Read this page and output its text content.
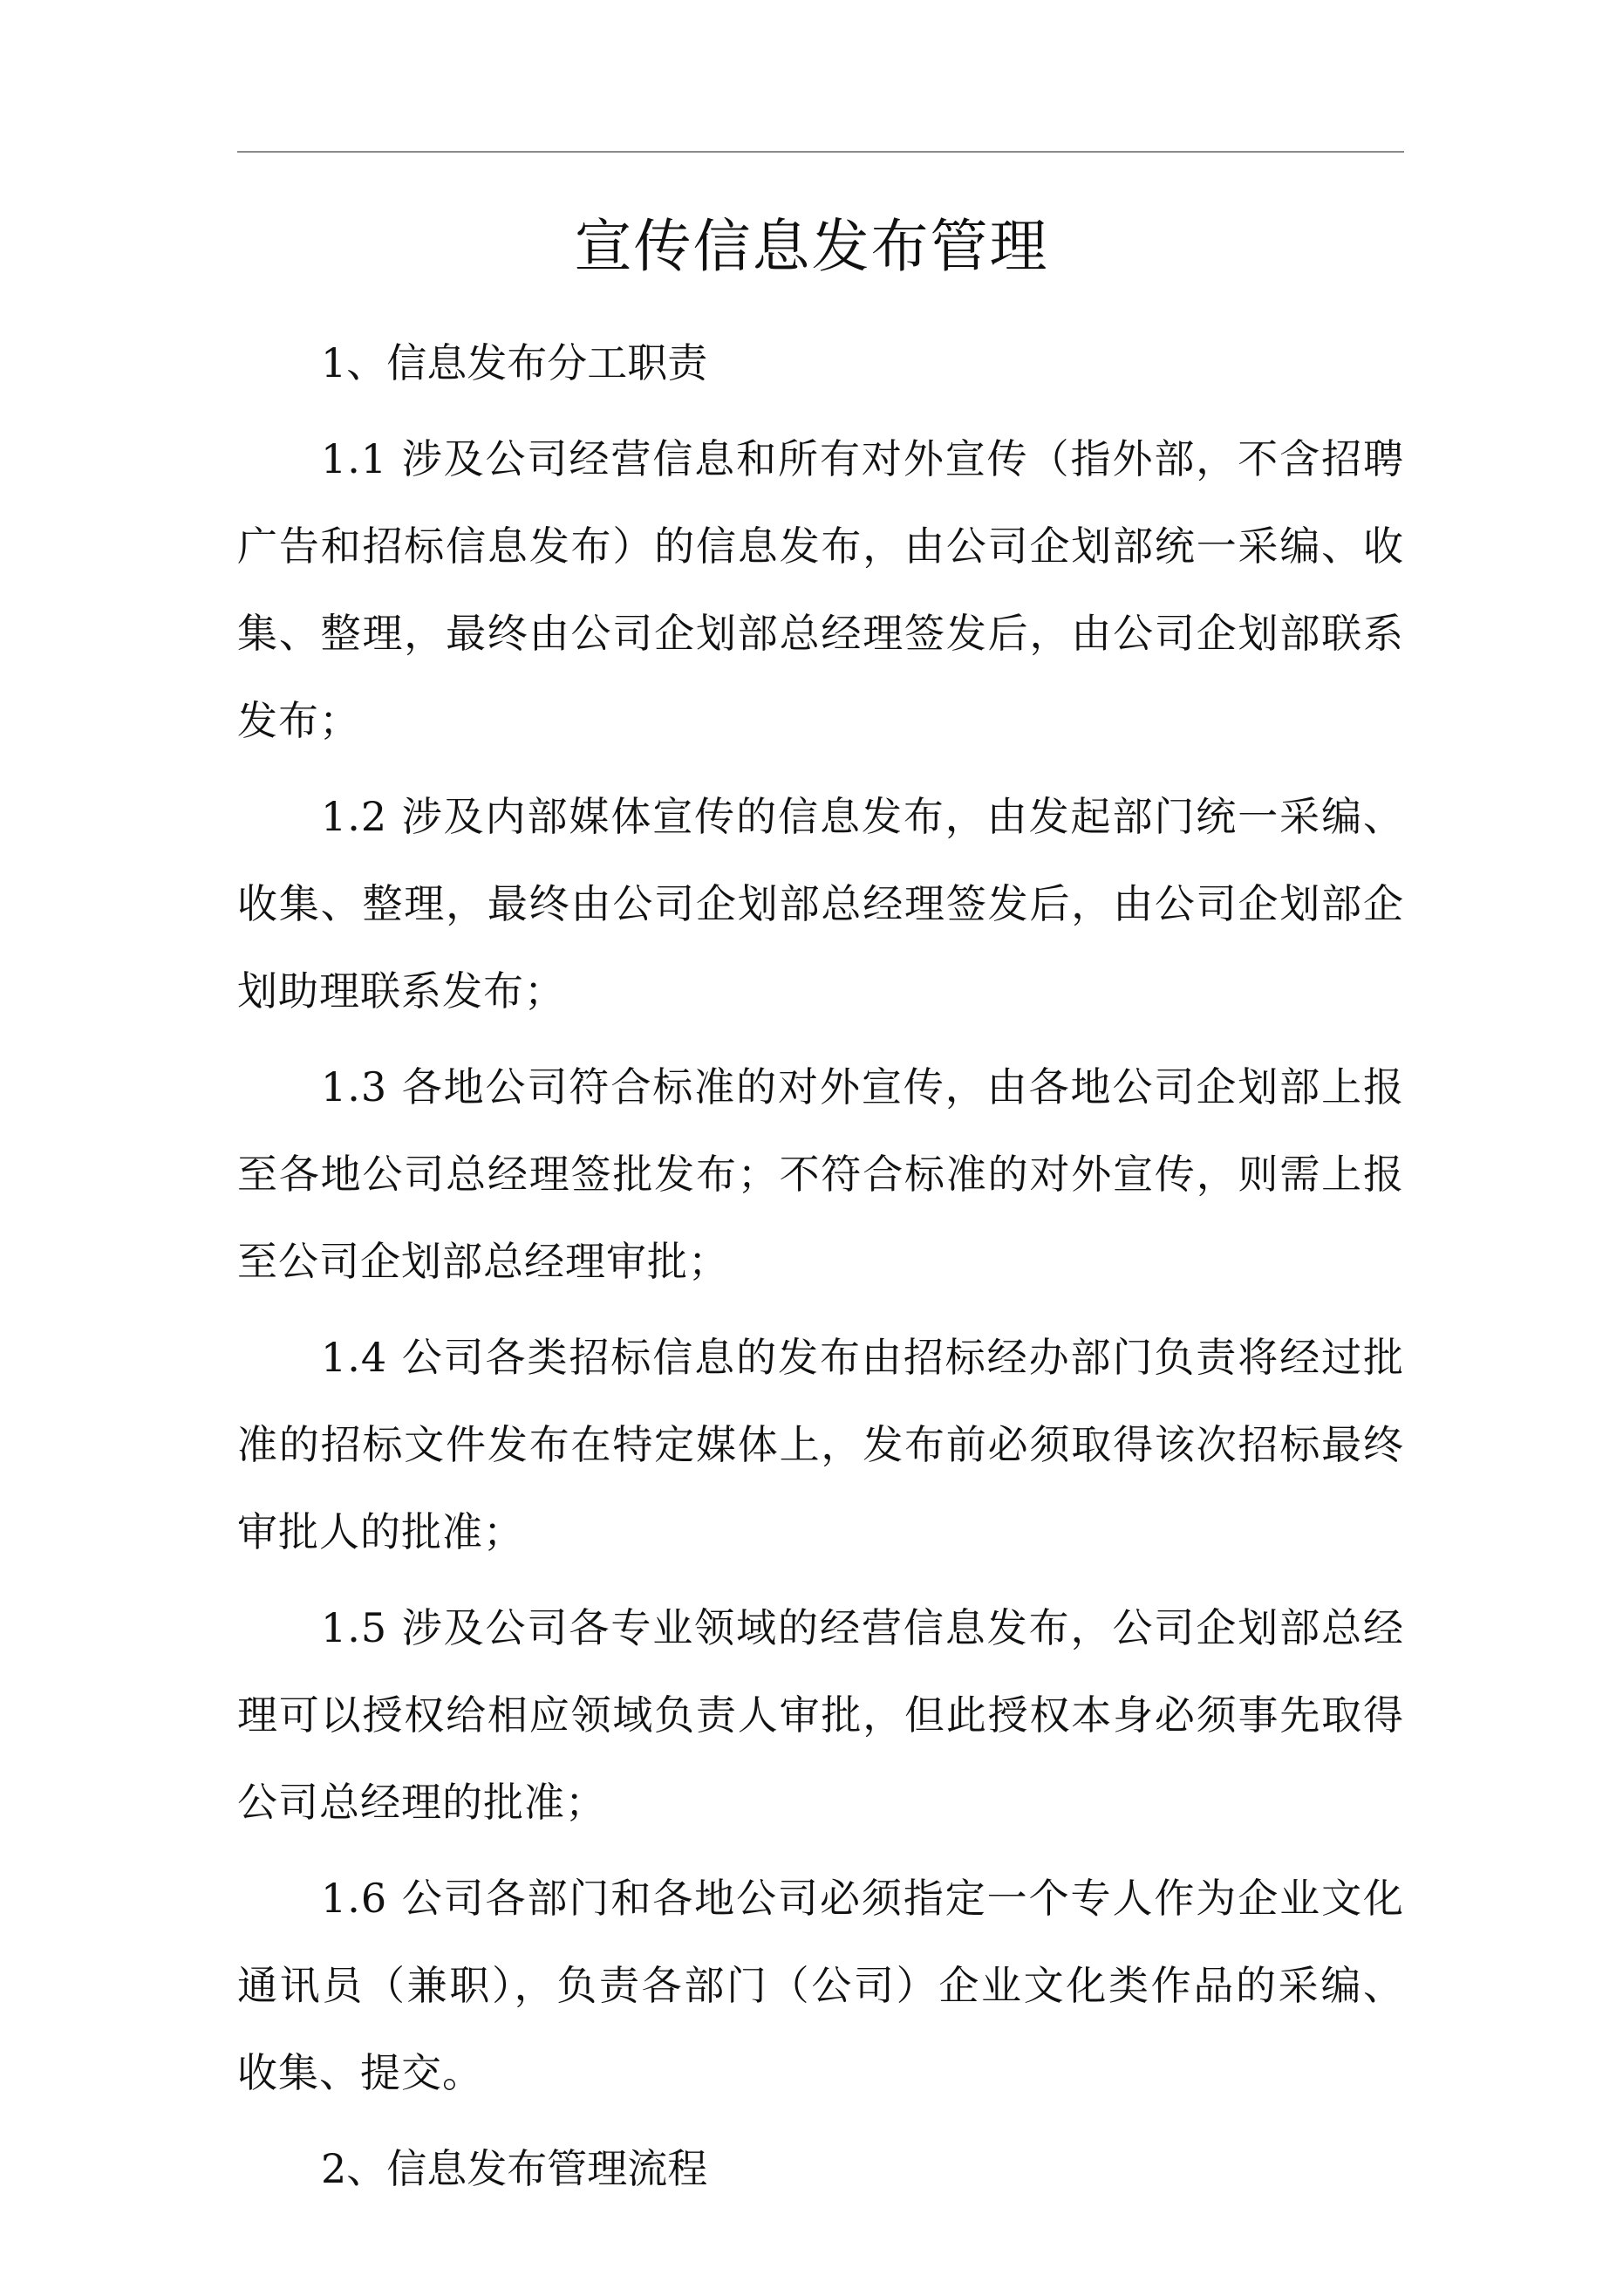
宣传信息发布管理

1、信息发布分工职责

1.1 涉及公司经营信息和所有对外宣传（指外部，不含招聘广告和招标信息发布）的信息发布，由公司企划部统一采编、收集、整理，最终由公司企划部总经理签发后，由公司企划部联系发布；

1.2 涉及内部媒体宣传的信息发布，由发起部门统一采编、收集、整理，最终由公司企划部总经理签发后，由公司企划部企划助理联系发布；

1.3 各地公司符合标准的对外宣传，由各地公司企划部上报至各地公司总经理签批发布；不符合标准的对外宣传，则需上报至公司企划部总经理审批；

1.4 公司各类招标信息的发布由招标经办部门负责将经过批准的招标文件发布在特定媒体上，发布前必须取得该次招标最终审批人的批准；

1.5 涉及公司各专业领域的经营信息发布，公司企划部总经理可以授权给相应领域负责人审批，但此授权本身必须事先取得公司总经理的批准；

1.6 公司各部门和各地公司必须指定一个专人作为企业文化通讯员（兼职），负责各部门（公司）企业文化类作品的采编、收集、提交。

2、信息发布管理流程
